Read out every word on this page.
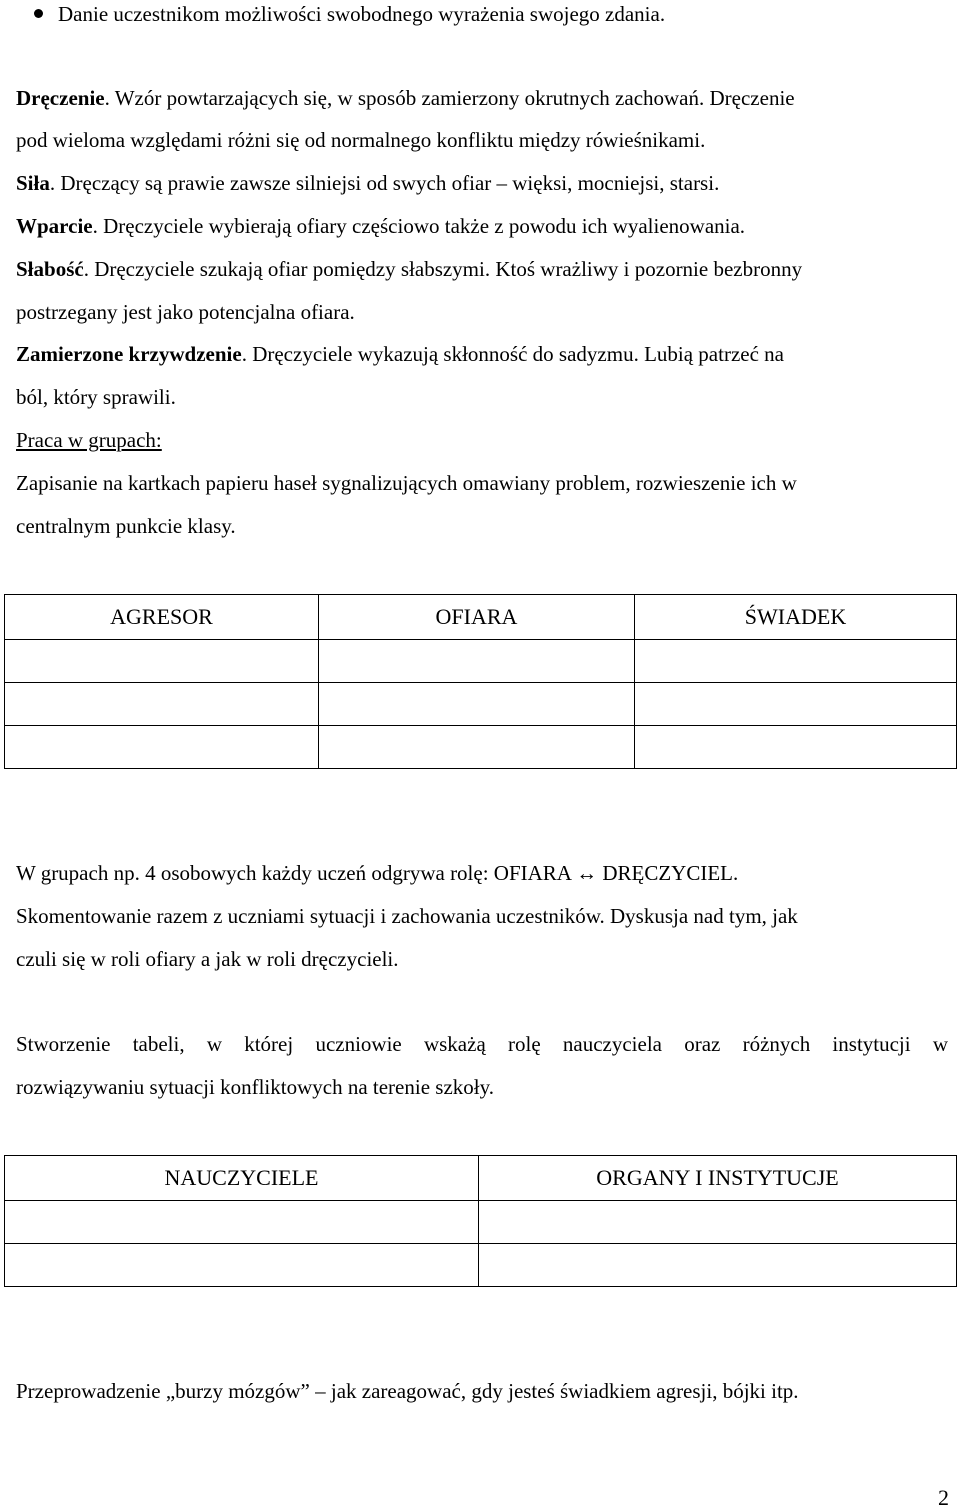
Danie uczestnikom możliwości swobodnego wyrażenia swojego zdania.
Dręczenie. Wzór powtarzających się, w sposób zamierzony okrutnych zachowań. Dręczenie
pod wieloma względami różni się od normalnego konfliktu między rówieśnikami.
Siła. Dręczący są prawie zawsze silniejsi od swych ofiar – więksi, mocniejsi, starsi.
Wparcie. Dręczyciele wybierają ofiary częściowo także z powodu ich wyalienowania.
Słabość. Dręczyciele szukają ofiar pomiędzy słabszymi. Ktoś wrażliwy i pozornie bezbronny
postrzegany jest jako potencjalna ofiara.
Zamierzone krzywdzenie. Dręczyciele wykazują skłonność do sadyzmu. Lubią patrzeć na
ból, który sprawili.
Praca w grupach:
Zapisanie na kartkach papieru haseł sygnalizujących omawiany problem, rozwieszenie ich w
centralnym punkcie klasy.
AGRESOR	OFIARA	ŚWIADEK

W grupach np. 4 osobowych każdy uczeń odgrywa rolę: OFIARA ↔ DRĘCZYCIEL.
Skomentowanie razem z uczniami sytuacji i zachowania uczestników. Dyskusja nad tym, jak
czuli się w roli ofiary a jak w roli dręczycieli.
Stworzenie tabeli, w której uczniowie wskażą rolę nauczyciela oraz różnych instytucji w
rozwiązywaniu sytuacji konfliktowych na terenie szkoły.
NAUCZYCIELE	ORGANY I INSTYTUCJE

Przeprowadzenie „burzy mózgów” – jak zareagować, gdy jesteś świadkiem agresji, bójki itp.
2
